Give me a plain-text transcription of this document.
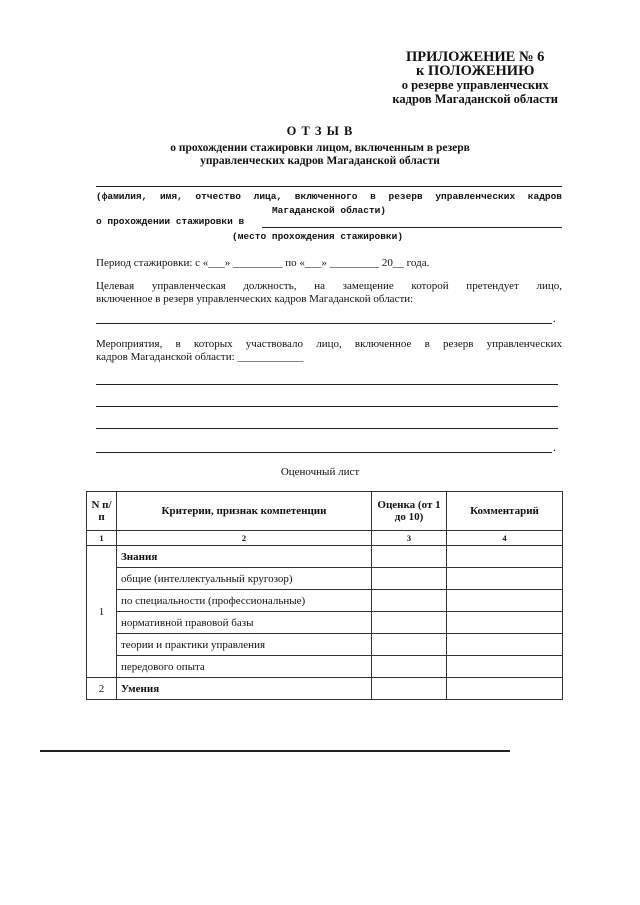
ПРИЛОЖЕНИЕ № 6
к ПОЛОЖЕНИЮ
о резерве управленческих
кадров Магаданской области
О Т З Ы В
о прохождении стажировки лицом, включенным в резерв
управленческих кадров Магаданской области
(фамилия, имя, отчество лица, включенного в резерв управленческих кадров
Магаданской области)
о прохождении стажировки в
(место прохождения стажировки)
Период стажировки: с «___» _________ по «___» _________ 20__ года.
Целевая управленческая должность, на замещение которой претендует лицо,
включенное в резерв управленческих кадров Магаданской области:
.
Мероприятия, в которых участвовало лицо, включенное в резерв управленческих
кадров Магаданской области: ____________
.
Оценочный лист
N п/п	Критерии, признак компетенции	Оценка (от 1 до 10)	Комментарий
1	2	3	4
1	Знания		
	общие (интеллектуальный кругозор)		
	по специальности (профессиональные)		
	нормативной правовой базы		
	теории и практики управления		
	передового опыта		
2	Умения		
